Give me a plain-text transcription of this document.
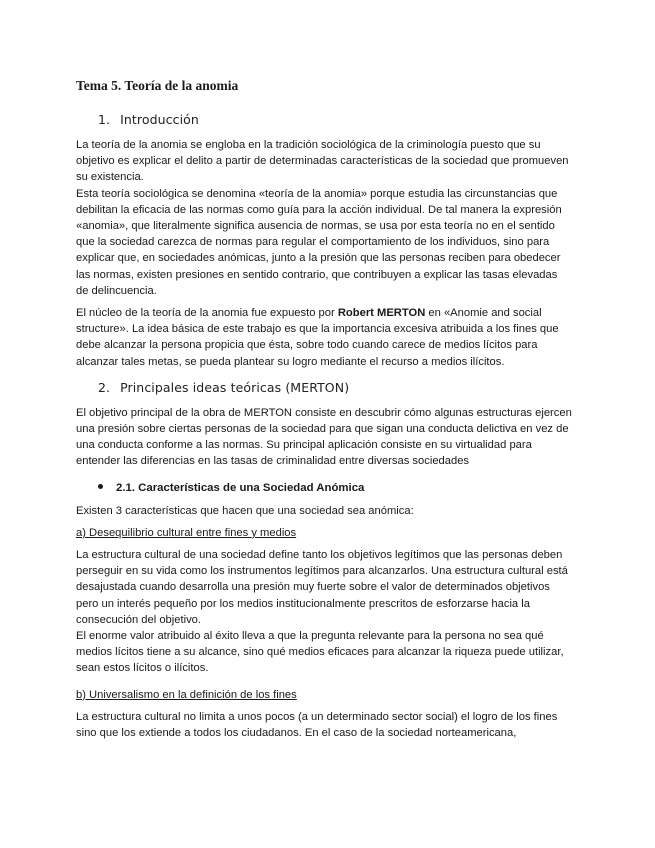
Tema 5. Teoría de la anomia
1. Introducción

La teoría de la anomia se engloba en la tradición sociológica de la criminología puesto que su objetivo es explicar el delito a partir de determinadas características de la sociedad que promueven su existencia.

Esta teoría sociológica se denomina «teoría de la anomia» porque estudia las circunstancias que debilitan la eficacia de las normas como guía para la acción individual. De tal manera la expresión «anomia», que literalmente significa ausencia de normas, se usa por esta teoría no en el sentido que la sociedad carezca de normas para regular el comportamiento de los individuos, sino para explicar que, en sociedades anómicas, junto a la presión que las personas reciben para obedecer las normas, existen presiones en sentido contrario, que contribuyen a explicar las tasas elevadas de delincuencia.

El núcleo de la teoría de la anomia fue expuesto por Robert MERTON en «Anomie and social structure». La idea básica de este trabajo es que la importancia excesiva atribuida a los fines que debe alcanzar la persona propicia que ésta, sobre todo cuando carece de medios lícitos para alcanzar tales metas, se pueda plantear su logro mediante el recurso a medios ilícitos.

2. Principales ideas teóricas (MERTON)

El objetivo principal de la obra de MERTON consiste en descubrir cómo algunas estructuras ejercen una presión sobre ciertas personas de la sociedad para que sigan una conducta delictiva en vez de una conducta conforme a las normas. Su principal aplicación consiste en su virtualidad para entender las diferencias en las tasas de criminalidad entre diversas sociedades

2.1. Características de una Sociedad Anómica

Existen 3 características que hacen que una sociedad sea anómica:

a) Desequilibrio cultural entre fines y medios

La estructura cultural de una sociedad define tanto los objetivos legítimos que las personas deben perseguir en su vida como los instrumentos legítimos para alcanzarlos. Una estructura cultural está desajustada cuando desarrolla una presión muy fuerte sobre el valor de determinados objetivos pero un interés pequeño por los medios institucionalmente prescritos de esforzarse hacia la consecución del objetivo.

El enorme valor atribuido al éxito lleva a que la pregunta relevante para la persona no sea qué medios lícitos tiene a su alcance, sino qué medios eficaces para alcanzar la riqueza puede utilizar, sean estos lícitos o ilícitos.

b) Universalismo en la definición de los fines

La estructura cultural no limita a unos pocos (a un determinado sector social) el logro de los fines sino que los extiende a todos los ciudadanos. En el caso de la sociedad norteamericana,
